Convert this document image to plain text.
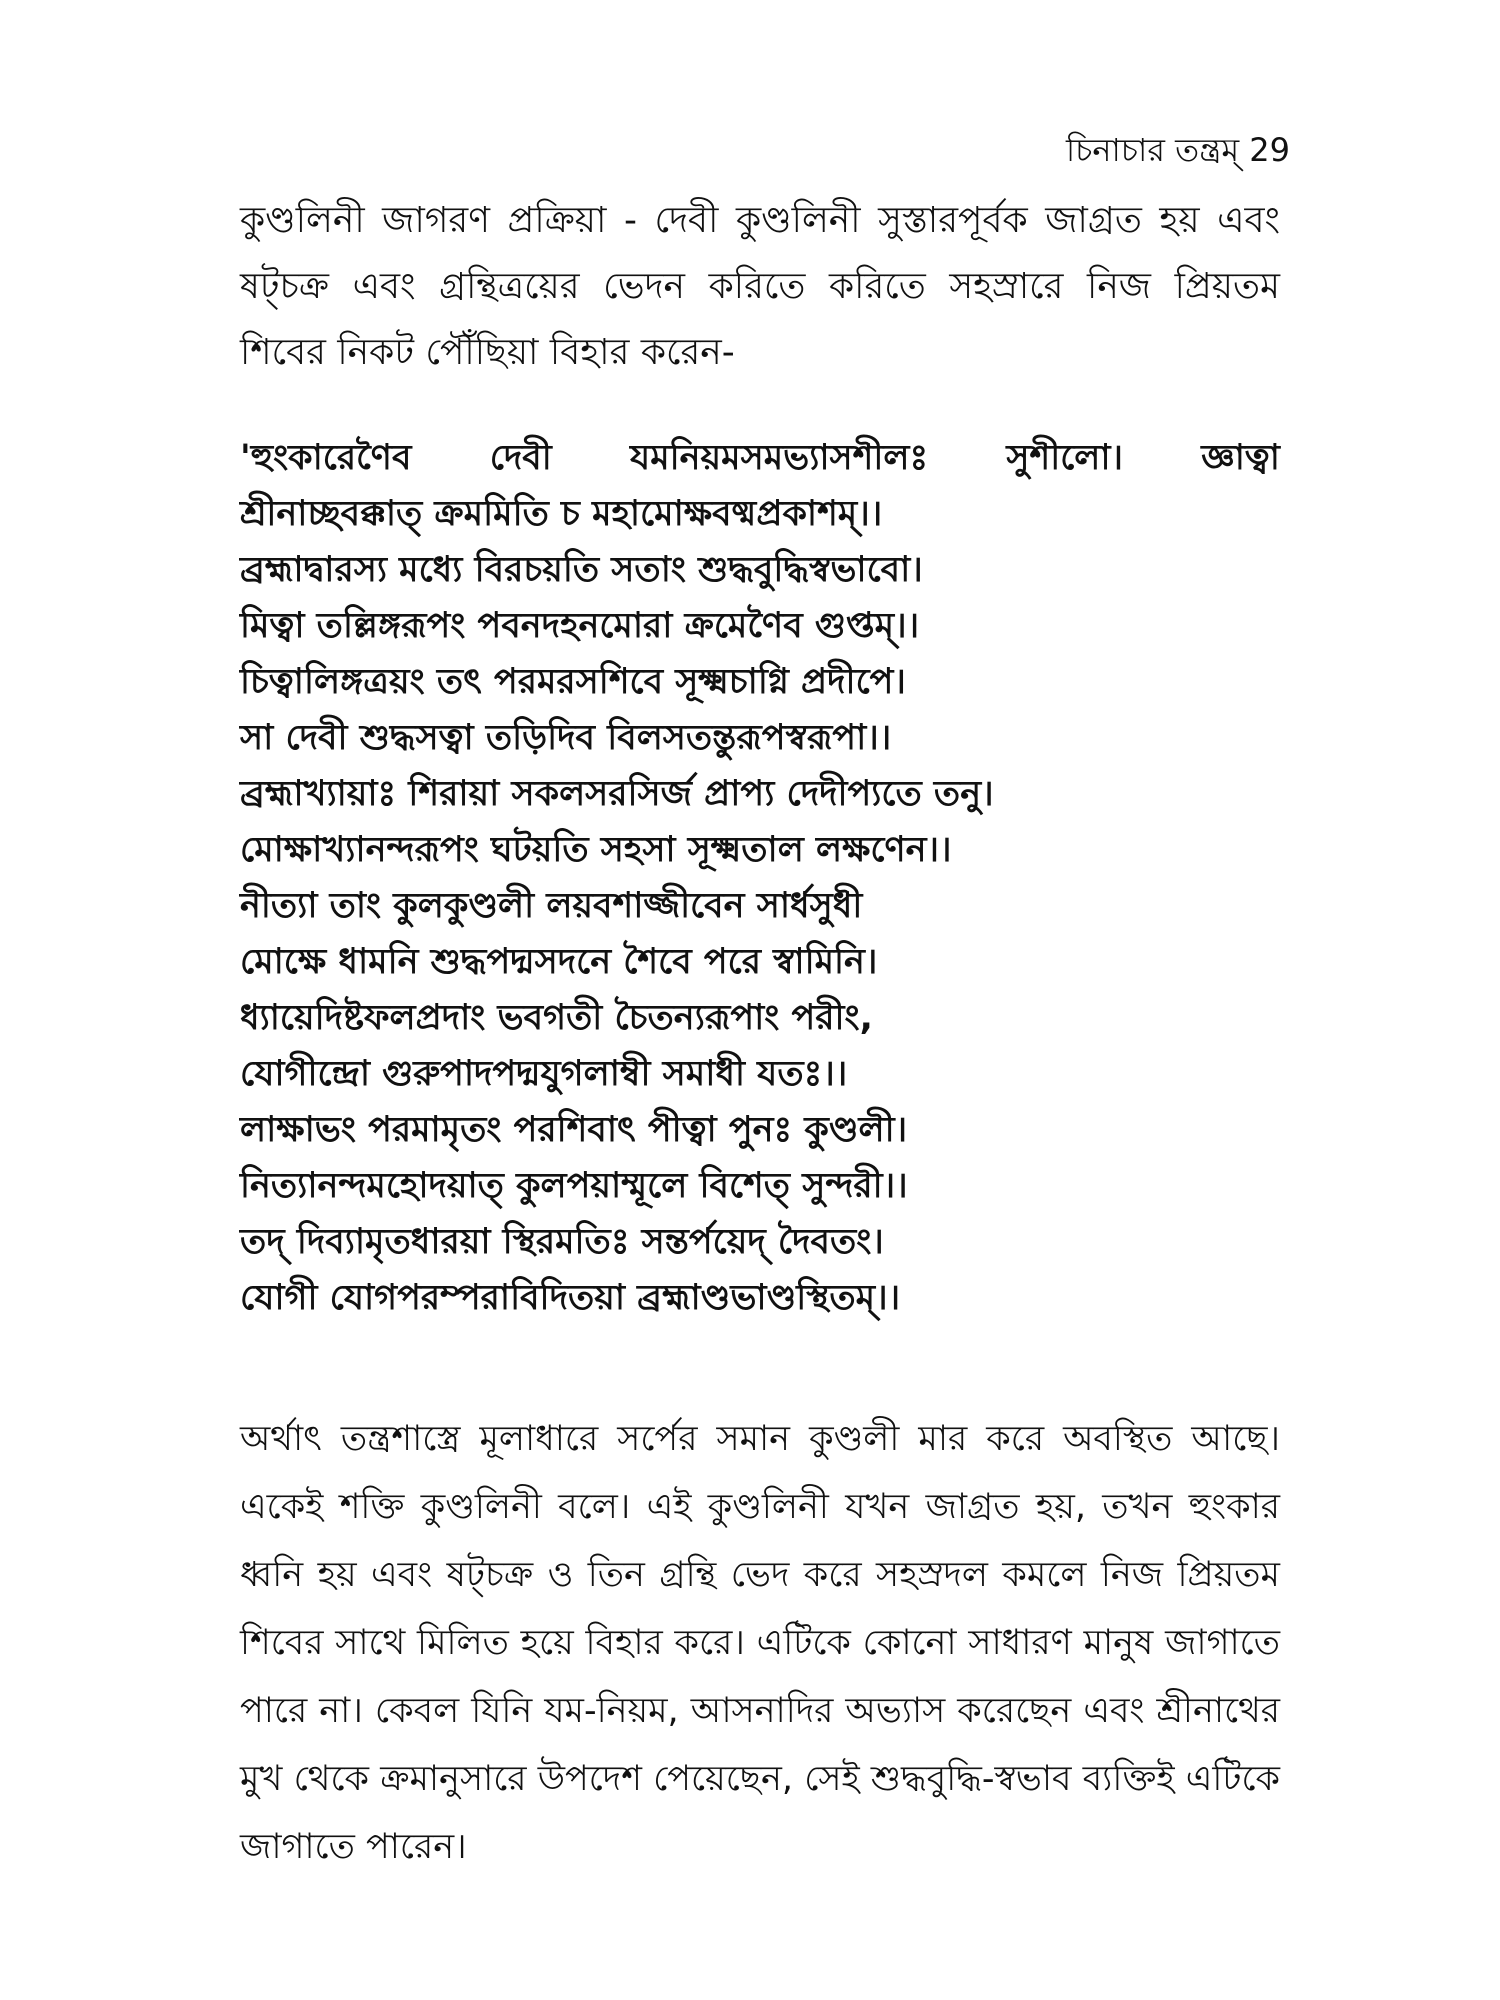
চিনাচার তন্ত্রম্ 29

কুণ্ডলিনী জাগরণ প্রক্রিয়া - দেবী কুণ্ডলিনী সুস্তারপূর্বক জাগ্রত হয় এবং ষট্চক্র এবং গ্রন্থিত্রয়ের ভেদন করিতে করিতে সহস্রারে নিজ প্রিয়তম শিবের নিকট পৌঁছিয়া বিহার করেন-

'হুংকারেণৈব দেবী যমনিয়মসমভ্যাসশীলঃ সুশীলো। জ্ঞাত্বা
শ্রীনাচ্ছবক্কাত্ ক্রমমিতি চ মহামোক্ষবষ্মপ্রকাশম্।।
ব্রহ্মাদ্বারস্য মধ্যে বিরচয়তি সতাং শুদ্ধবুদ্ধিস্বভাবো।
মিত্বা তল্লিঙ্গরূপং পবনদহনমোরা ক্রমেণৈব গুপ্তম্।।
চিত্বালিঙ্গত্রয়ং তৎ পরমরসশিবে সূক্ষ্মচাগ্নি প্রদীপে।
সা দেবী শুদ্ধসত্বা তড়িদিব বিলসতন্তুরূপস্বরূপা।।
ব্রহ্মাখ্যায়াঃ শিরায়া সকলসরসির্জ প্রাপ্য দেদীপ্যতে তনু।
মোক্ষাখ্যানন্দরূপং ঘটয়তি সহসা সূক্ষ্মতাল লক্ষণেন।।
নীত্যা তাং কুলকুণ্ডলী লয়বশাজ্জীবেন সার্ধসুধী
মোক্ষে ধামনি শুদ্ধপদ্মসদনে শৈবে পরে স্বামিনি।
ধ্যায়েদিষ্টফলপ্রদাং ভবগতী চৈতন্যরূপাং পরীং,
যোগীন্দ্রো গুরুপাদপদ্মযুগলাম্বী সমাধী যতঃ।।
লাক্ষাভং পরমামৃতং পরশিবাৎ পীত্বা পুনঃ কুণ্ডলী।
নিত্যানন্দমহোদয়াত্ কুলপয়াম্মূলে বিশেত্ সুন্দরী।।
তদ্ দিব্যামৃতধারয়া স্থিরমতিঃ সন্তর্পয়েদ্ দৈবতং।
যোগী যোগপরম্পরাবিদিতয়া ব্রহ্মাণ্ডভাণ্ডস্থিতম্।।

অর্থাৎ তন্ত্রশাস্ত্রে মূলাধারে সর্পের সমান কুণ্ডলী মার করে অবস্থিত আছে। একেই শক্তি কুণ্ডলিনী বলে। এই কুণ্ডলিনী যখন জাগ্রত হয়, তখন হুংকার ধ্বনি হয় এবং ষট্চক্র ও তিন গ্রন্থি ভেদ করে সহস্রদল কমলে নিজ প্রিয়তম শিবের সাথে মিলিত হয়ে বিহার করে। এটিকে কোনো সাধারণ মানুষ জাগাতে পারে না। কেবল যিনি যম-নিয়ম, আসনাদির অভ্যাস করেছেন এবং শ্রীনাথের মুখ থেকে ক্রমানুসারে উপদেশ পেয়েছেন, সেই শুদ্ধবুদ্ধি-স্বভাব ব্যক্তিই এটিকে জাগাতে পারেন।
